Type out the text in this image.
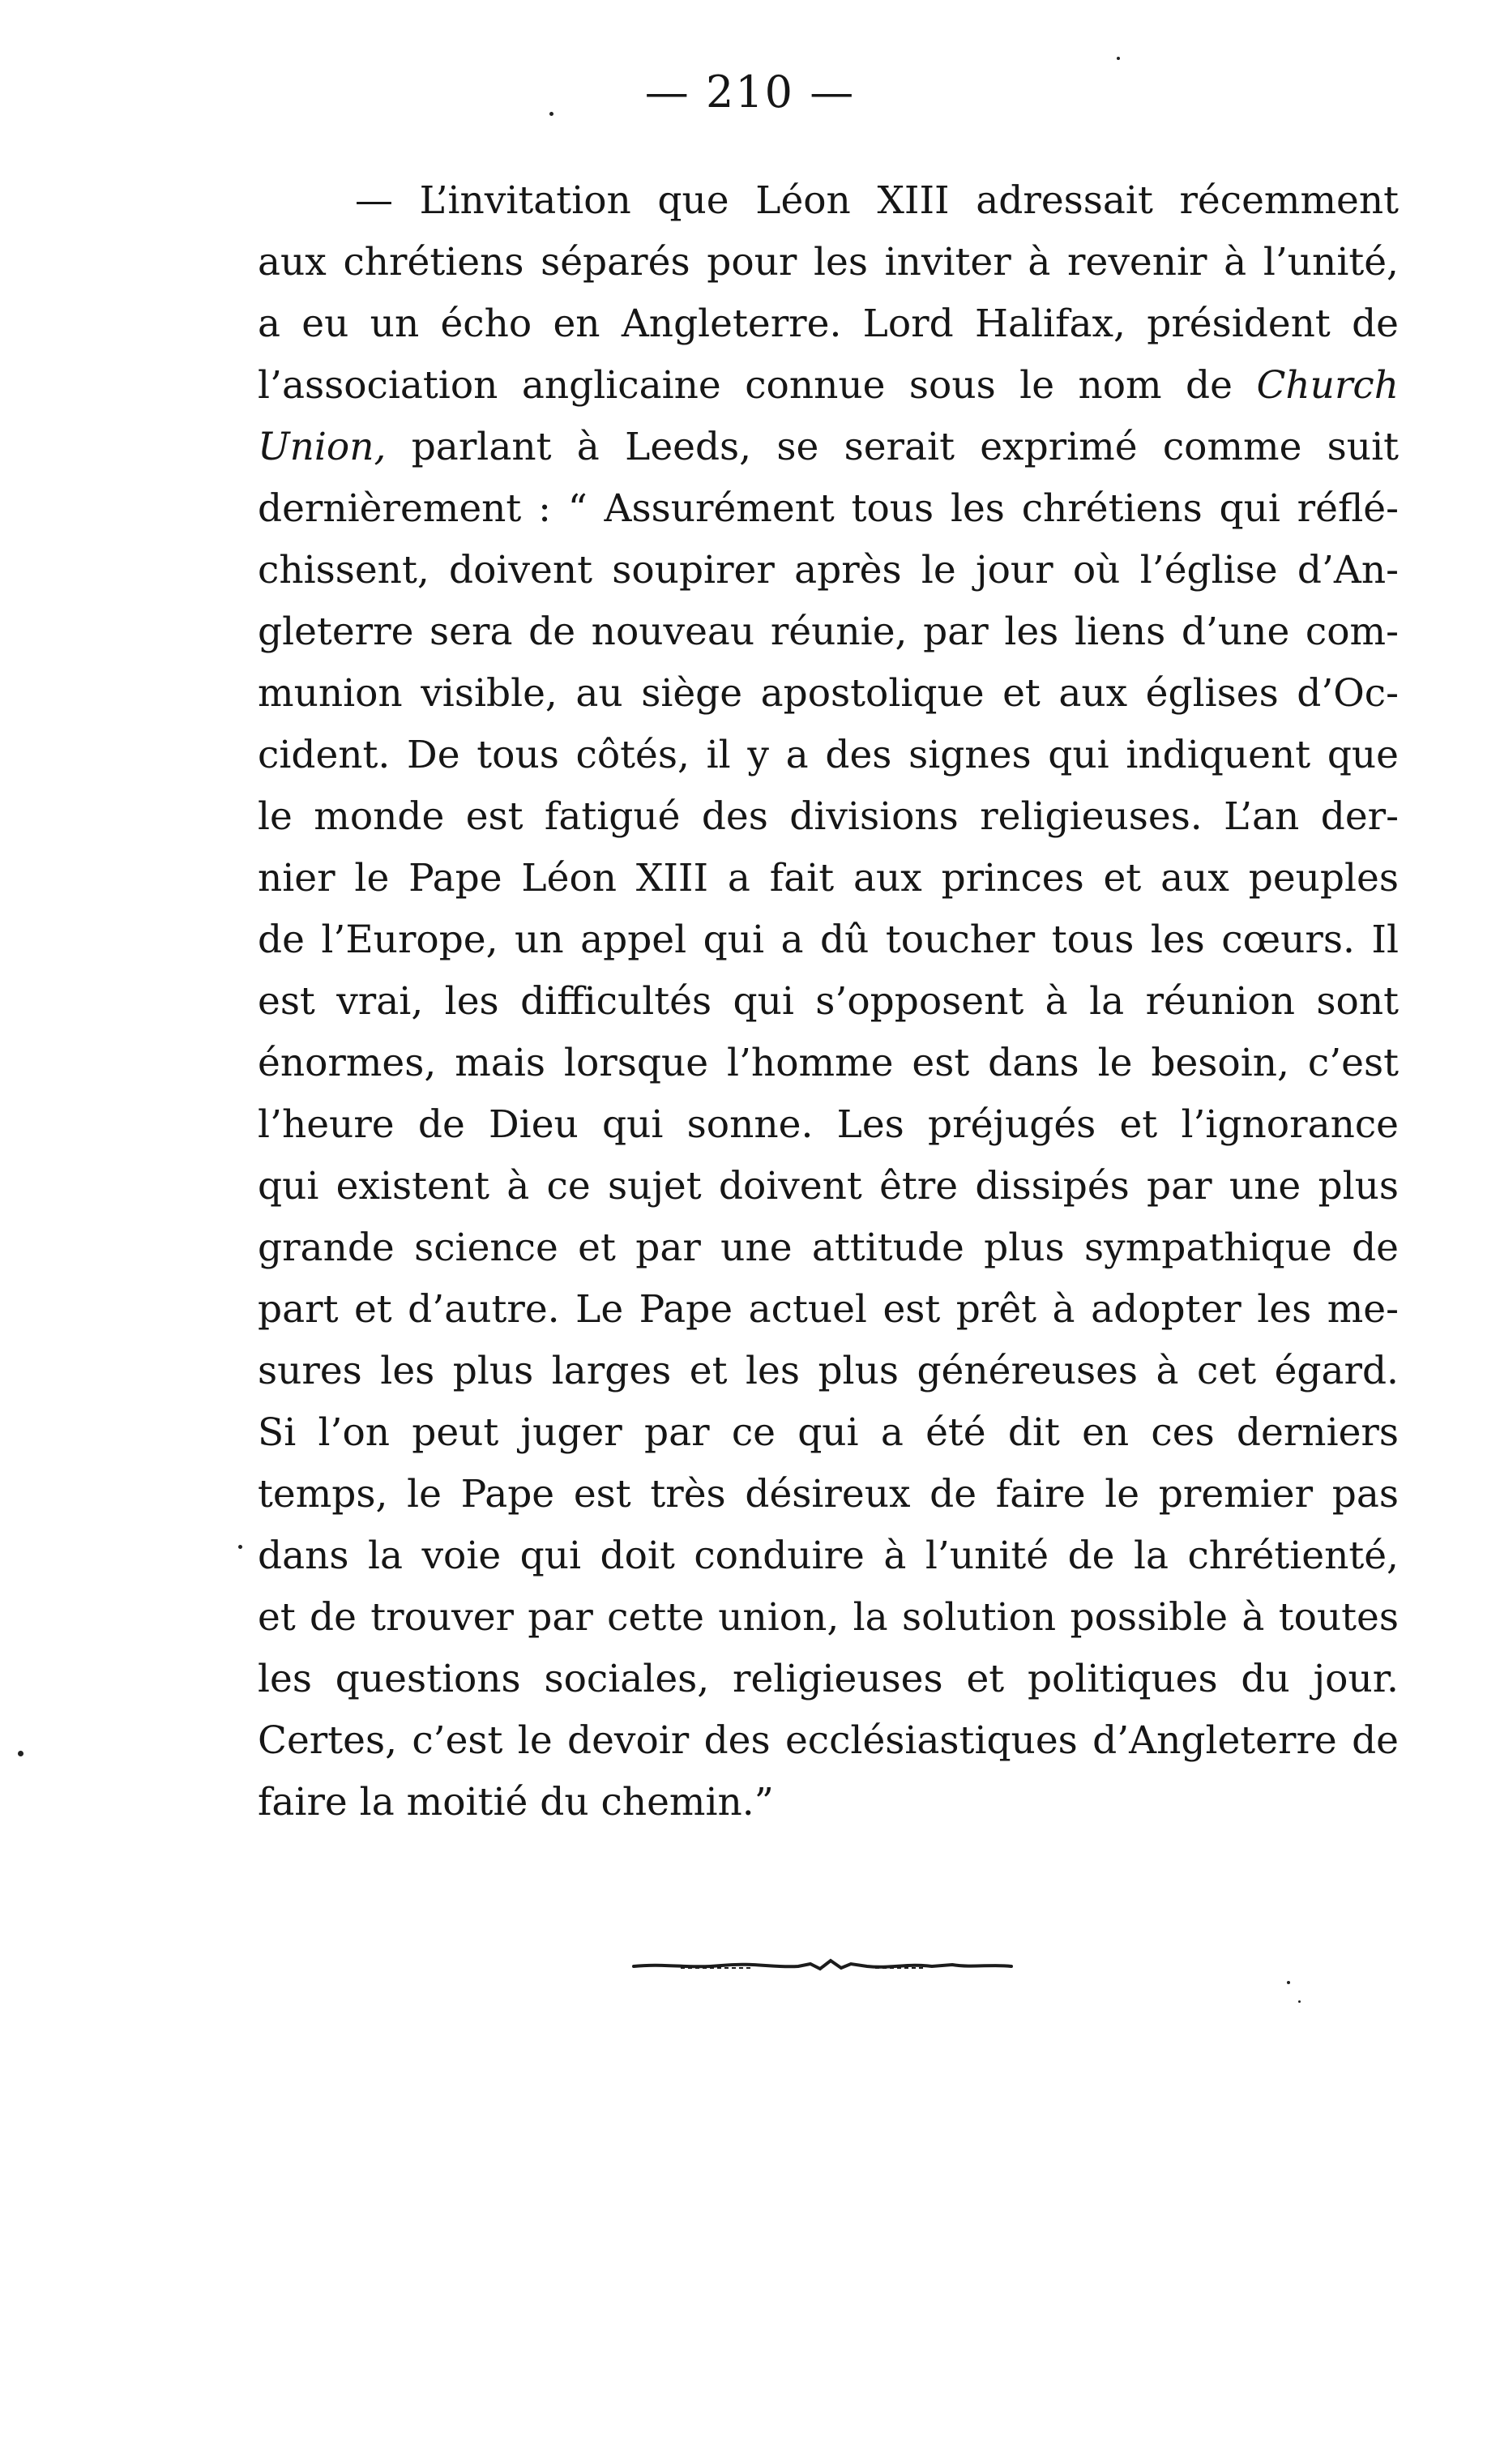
— 210 —
— L’invitation que Léon XIII adressait récemment
aux chrétiens séparés pour les inviter à revenir à l’unité,
a eu un écho en Angleterre. Lord Halifax, président de
l’association anglicaine connue sous le nom de Church
Union, parlant à Leeds, se serait exprimé comme suit
dernièrement : “ Assurément tous les chrétiens qui réflé-
chissent, doivent soupirer après le jour où l’église d’An-
gleterre sera de nouveau réunie, par les liens d’une com-
munion visible, au siège apostolique et aux églises d’Oc-
cident. De tous côtés, il y a des signes qui indiquent que
le monde est fatigué des divisions religieuses. L’an der-
nier le Pape Léon XIII a fait aux princes et aux peuples
de l’Europe, un appel qui a dû toucher tous les cœurs. Il
est vrai, les difficultés qui s’opposent à la réunion sont
énormes, mais lorsque l’homme est dans le besoin, c’est
l’heure de Dieu qui sonne. Les préjugés et l’ignorance
qui existent à ce sujet doivent être dissipés par une plus
grande science et par une attitude plus sympathique de
part et d’autre. Le Pape actuel est prêt à adopter les me-
sures les plus larges et les plus généreuses à cet égard.
Si l’on peut juger par ce qui a été dit en ces derniers
temps, le Pape est très désireux de faire le premier pas
dans la voie qui doit conduire à l’unité de la chrétienté,
et de trouver par cette union, la solution possible à toutes
les questions sociales, religieuses et politiques du jour.
Certes, c’est le devoir des ecclésiastiques d’Angleterre de
faire la moitié du chemin.”
